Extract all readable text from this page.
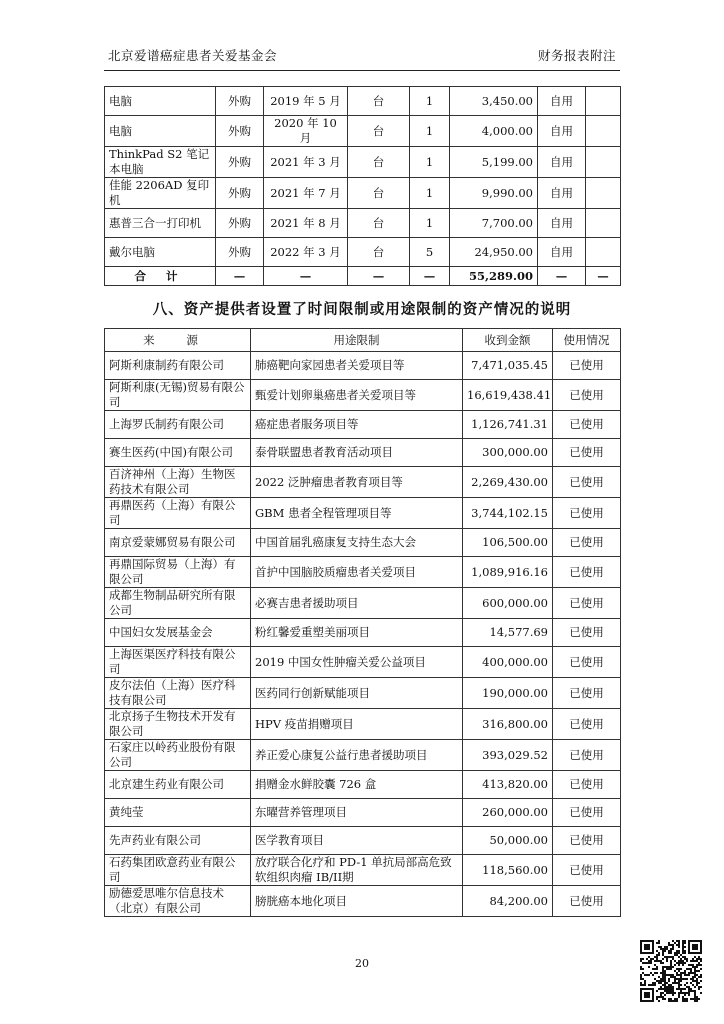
北京爱谱癌症患者关爱基金会	财务报表附注
电脑	外购	2019 年 5 月	台	1	3,450.00	自用	
电脑	外购	2020 年 10 月	台	1	4,000.00	自用	
ThinkPad S2 笔记本电脑	外购	2021 年 3 月	台	1	5,199.00	自用	
佳能 2206AD 复印机	外购	2021 年 7 月	台	1	9,990.00	自用	
惠普三合一打印机	外购	2021 年 8 月	台	1	7,700.00	自用	
戴尔电脑	外购	2022 年 3 月	台	5	24,950.00	自用	
合 计	—	—	—	—	55,289.00	—	—
八、资产提供者设置了时间限制或用途限制的资产情况的说明
来 源	用途限制	收到金额	使用情况
阿斯利康制药有限公司	肺癌靶向家园患者关爱项目等	7,471,035.45	已使用
阿斯利康(无锡)贸易有限公司	甄爱计划卵巢癌患者关爱项目等	16,619,438.41	已使用
上海罗氏制药有限公司	癌症患者服务项目等	1,126,741.31	已使用
赛生医药(中国)有限公司	泰骨联盟患者教育活动项目	300,000.00	已使用
百济神州（上海）生物医药技术有限公司	2022 泛肿瘤患者教育项目等	2,269,430.00	已使用
再鼎医药（上海）有限公司	GBM 患者全程管理项目等	3,744,102.15	已使用
南京爱蒙娜贸易有限公司	中国首届乳癌康复支持生态大会	106,500.00	已使用
再鼎国际贸易（上海）有限公司	首护中国脑胶质瘤患者关爱项目	1,089,916.16	已使用
成都生物制品研究所有限公司	必赛吉患者援助项目	600,000.00	已使用
中国妇女发展基金会	粉红馨爱重塑美丽项目	14,577.69	已使用
上海医渠医疗科技有限公司	2019 中国女性肿瘤关爱公益项目	400,000.00	已使用
皮尔法伯（上海）医疗科技有限公司	医药同行创新赋能项目	190,000.00	已使用
北京扬子生物技术开发有限公司	HPV 疫苗捐赠项目	316,800.00	已使用
石家庄以岭药业股份有限公司	养正爱心康复公益行患者援助项目	393,029.52	已使用
北京建生药业有限公司	捐赠金水鲜胶囊 726 盒	413,820.00	已使用
黄纯莹	东曜营养管理项目	260,000.00	已使用
先声药业有限公司	医学教育项目	50,000.00	已使用
石药集团欧意药业有限公司	放疗联合化疗和 PD-1 单抗局部高危致软组织肉瘤 IB/II期	118,560.00	已使用
励德爱思唯尔信息技术（北京）有限公司	膀胱癌本地化项目	84,200.00	已使用
20
